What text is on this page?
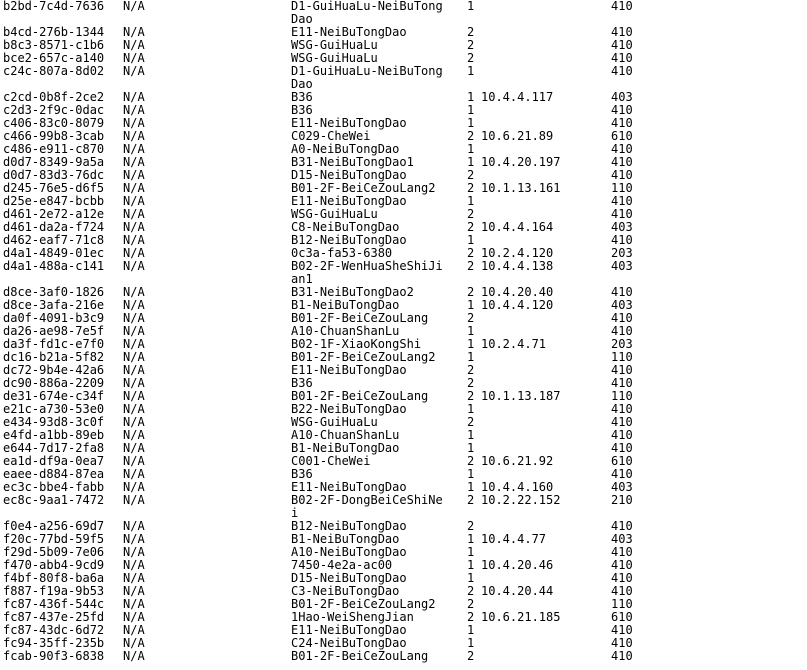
b2bd-7c4d-7636 N/A	D1-GuiHuaLu-NeiBuTong	1	410
Dao
b4cd-276b-1344 N/A	E11-NeiBuTongDao	2	410
b8c3-8571-c1b6 N/A	WSG-GuiHuaLu	2	410
bce2-657c-a140 N/A	WSG-GuiHuaLu	2	410
c24c-807a-8d02 N/A	D1-GuiHuaLu-NeiBuTong	1	410
Dao
c2cd-0b8f-2ce2 N/A	B36	1 10.4.4.117	403
c2d3-2f9c-0dac N/A	B36	1	410
c406-83c0-8079 N/A	E11-NeiBuTongDao	1	410
c466-99b8-3cab N/A	C029-CheWei	2 10.6.21.89	610
c486-e911-c870 N/A	A0-NeiBuTongDao	1	410
d0d7-8349-9a5a N/A	B31-NeiBuTongDao1	1 10.4.20.197	410
d0d7-83d3-76dc N/A	D15-NeiBuTongDao	2	410
d245-76e5-d6f5 N/A	B01-2F-BeiCeZouLang2	2 10.1.13.161	110
d25e-e847-bcbb N/A	E11-NeiBuTongDao	1	410
d461-2e72-a12e N/A	WSG-GuiHuaLu	2	410
d461-da2a-f724 N/A	C8-NeiBuTongDao	2 10.4.4.164	403
d462-eaf7-71c8 N/A	B12-NeiBuTongDao	1	410
d4a1-4849-01ec N/A	0c3a-fa53-6380	2 10.2.4.120	203
d4a1-488a-c141 N/A	B02-2F-WenHuaSheShiJi	2 10.4.4.138	403
an1
d8ce-3af0-1826 N/A	B31-NeiBuTongDao2	2 10.4.20.40	410
d8ce-3afa-216e N/A	B1-NeiBuTongDao	1 10.4.4.120	403
da0f-4091-b3c9 N/A	B01-2F-BeiCeZouLang	2	410
da26-ae98-7e5f N/A	A10-ChuanShanLu	1	410
da3f-fd1c-e7f0 N/A	B02-1F-XiaoKongShi	1 10.2.4.71	203
dc16-b21a-5f82 N/A	B01-2F-BeiCeZouLang2	1	110
dc72-9b4e-42a6 N/A	E11-NeiBuTongDao	2	410
dc90-886a-2209 N/A	B36	2	410
de31-674e-c34f N/A	B01-2F-BeiCeZouLang	2 10.1.13.187	110
e21c-a730-53e0 N/A	B22-NeiBuTongDao	1	410
e434-93d8-3c0f N/A	WSG-GuiHuaLu	2	410
e4fd-a1bb-89eb N/A	A10-ChuanShanLu	1	410
e644-7d17-2fa8 N/A	B1-NeiBuTongDao	1	410
ea1d-df9a-0ea7 N/A	C001-CheWei	2 10.6.21.92	610
eaee-d884-87ea N/A	B36	1	410
ec3c-bbe4-fabb N/A	E11-NeiBuTongDao	1 10.4.4.160	403
ec8c-9aa1-7472 N/A	B02-2F-DongBeiCeShiNe	2 10.2.22.152	210
i
f0e4-a256-69d7 N/A	B12-NeiBuTongDao	2	410
f20c-77bd-59f5 N/A	B1-NeiBuTongDao	1 10.4.4.77	403
f29d-5b09-7e06 N/A	A10-NeiBuTongDao	1	410
f470-abb4-9cd9 N/A	7450-4e2a-ac00	1 10.4.20.46	410
f4bf-80f8-ba6a N/A	D15-NeiBuTongDao	1	410
f887-f19a-9b53 N/A	C3-NeiBuTongDao	2 10.4.20.44	410
fc87-436f-544c N/A	B01-2F-BeiCeZouLang2	2	110
fc87-437e-25fd N/A	1Hao-WeiShengJian	2 10.6.21.185	610
fc87-43dc-6d72 N/A	E11-NeiBuTongDao	1	410
fc94-35ff-235b N/A	C24-NeiBuTongDao	1	410
fcab-90f3-6838 N/A	B01-2F-BeiCeZouLang	2	410
